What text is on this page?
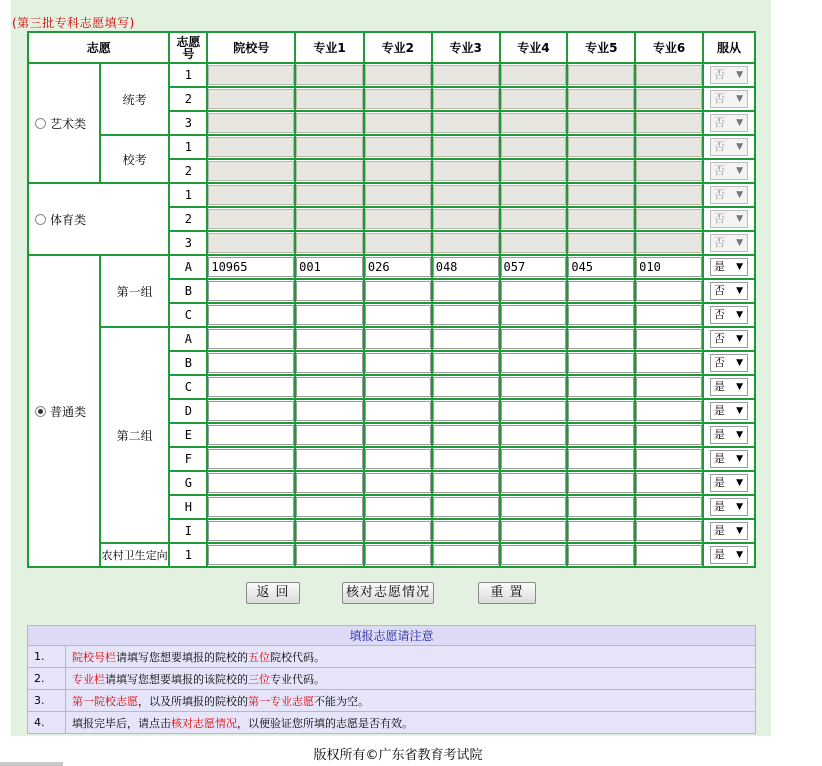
(第三批专科志愿填写)
志愿		志愿号	院校号	专业1	专业2	专业3	专业4	专业5	专业6	服从
艺术类	统考	1								否 ▼

		2								否 ▼

		3								否 ▼

	校考	1								否 ▼

		2								否 ▼

体育类		1								否 ▼

		2								否 ▼

		3								否 ▼

普通类	第一组	A	10965	001	026	048	057	045	010	是 ▼

		B								否 ▼

		C								否 ▼

	第二组	A								否 ▼

		B								否 ▼

		C								是 ▼

		D								是 ▼

		E								是 ▼

		F								是 ▼

		G								是 ▼

		H								是 ▼

		I								是 ▼

	农村卫生定向	1								是 ▼
返 回	核对志愿情况	重 置
填报志愿请注意	
1.	院校号栏请填写您想要填报的院校的五位院校代码。
2.	专业栏请填写您想要填报的该院校的三位专业代码。
3.	第一院校志愿，以及所填报的院校的第一专业志愿不能为空。
4.	填报完毕后，请点击核对志愿情况，以便验证您所填的志愿是否有效。
版权所有©广东省教育考试院
